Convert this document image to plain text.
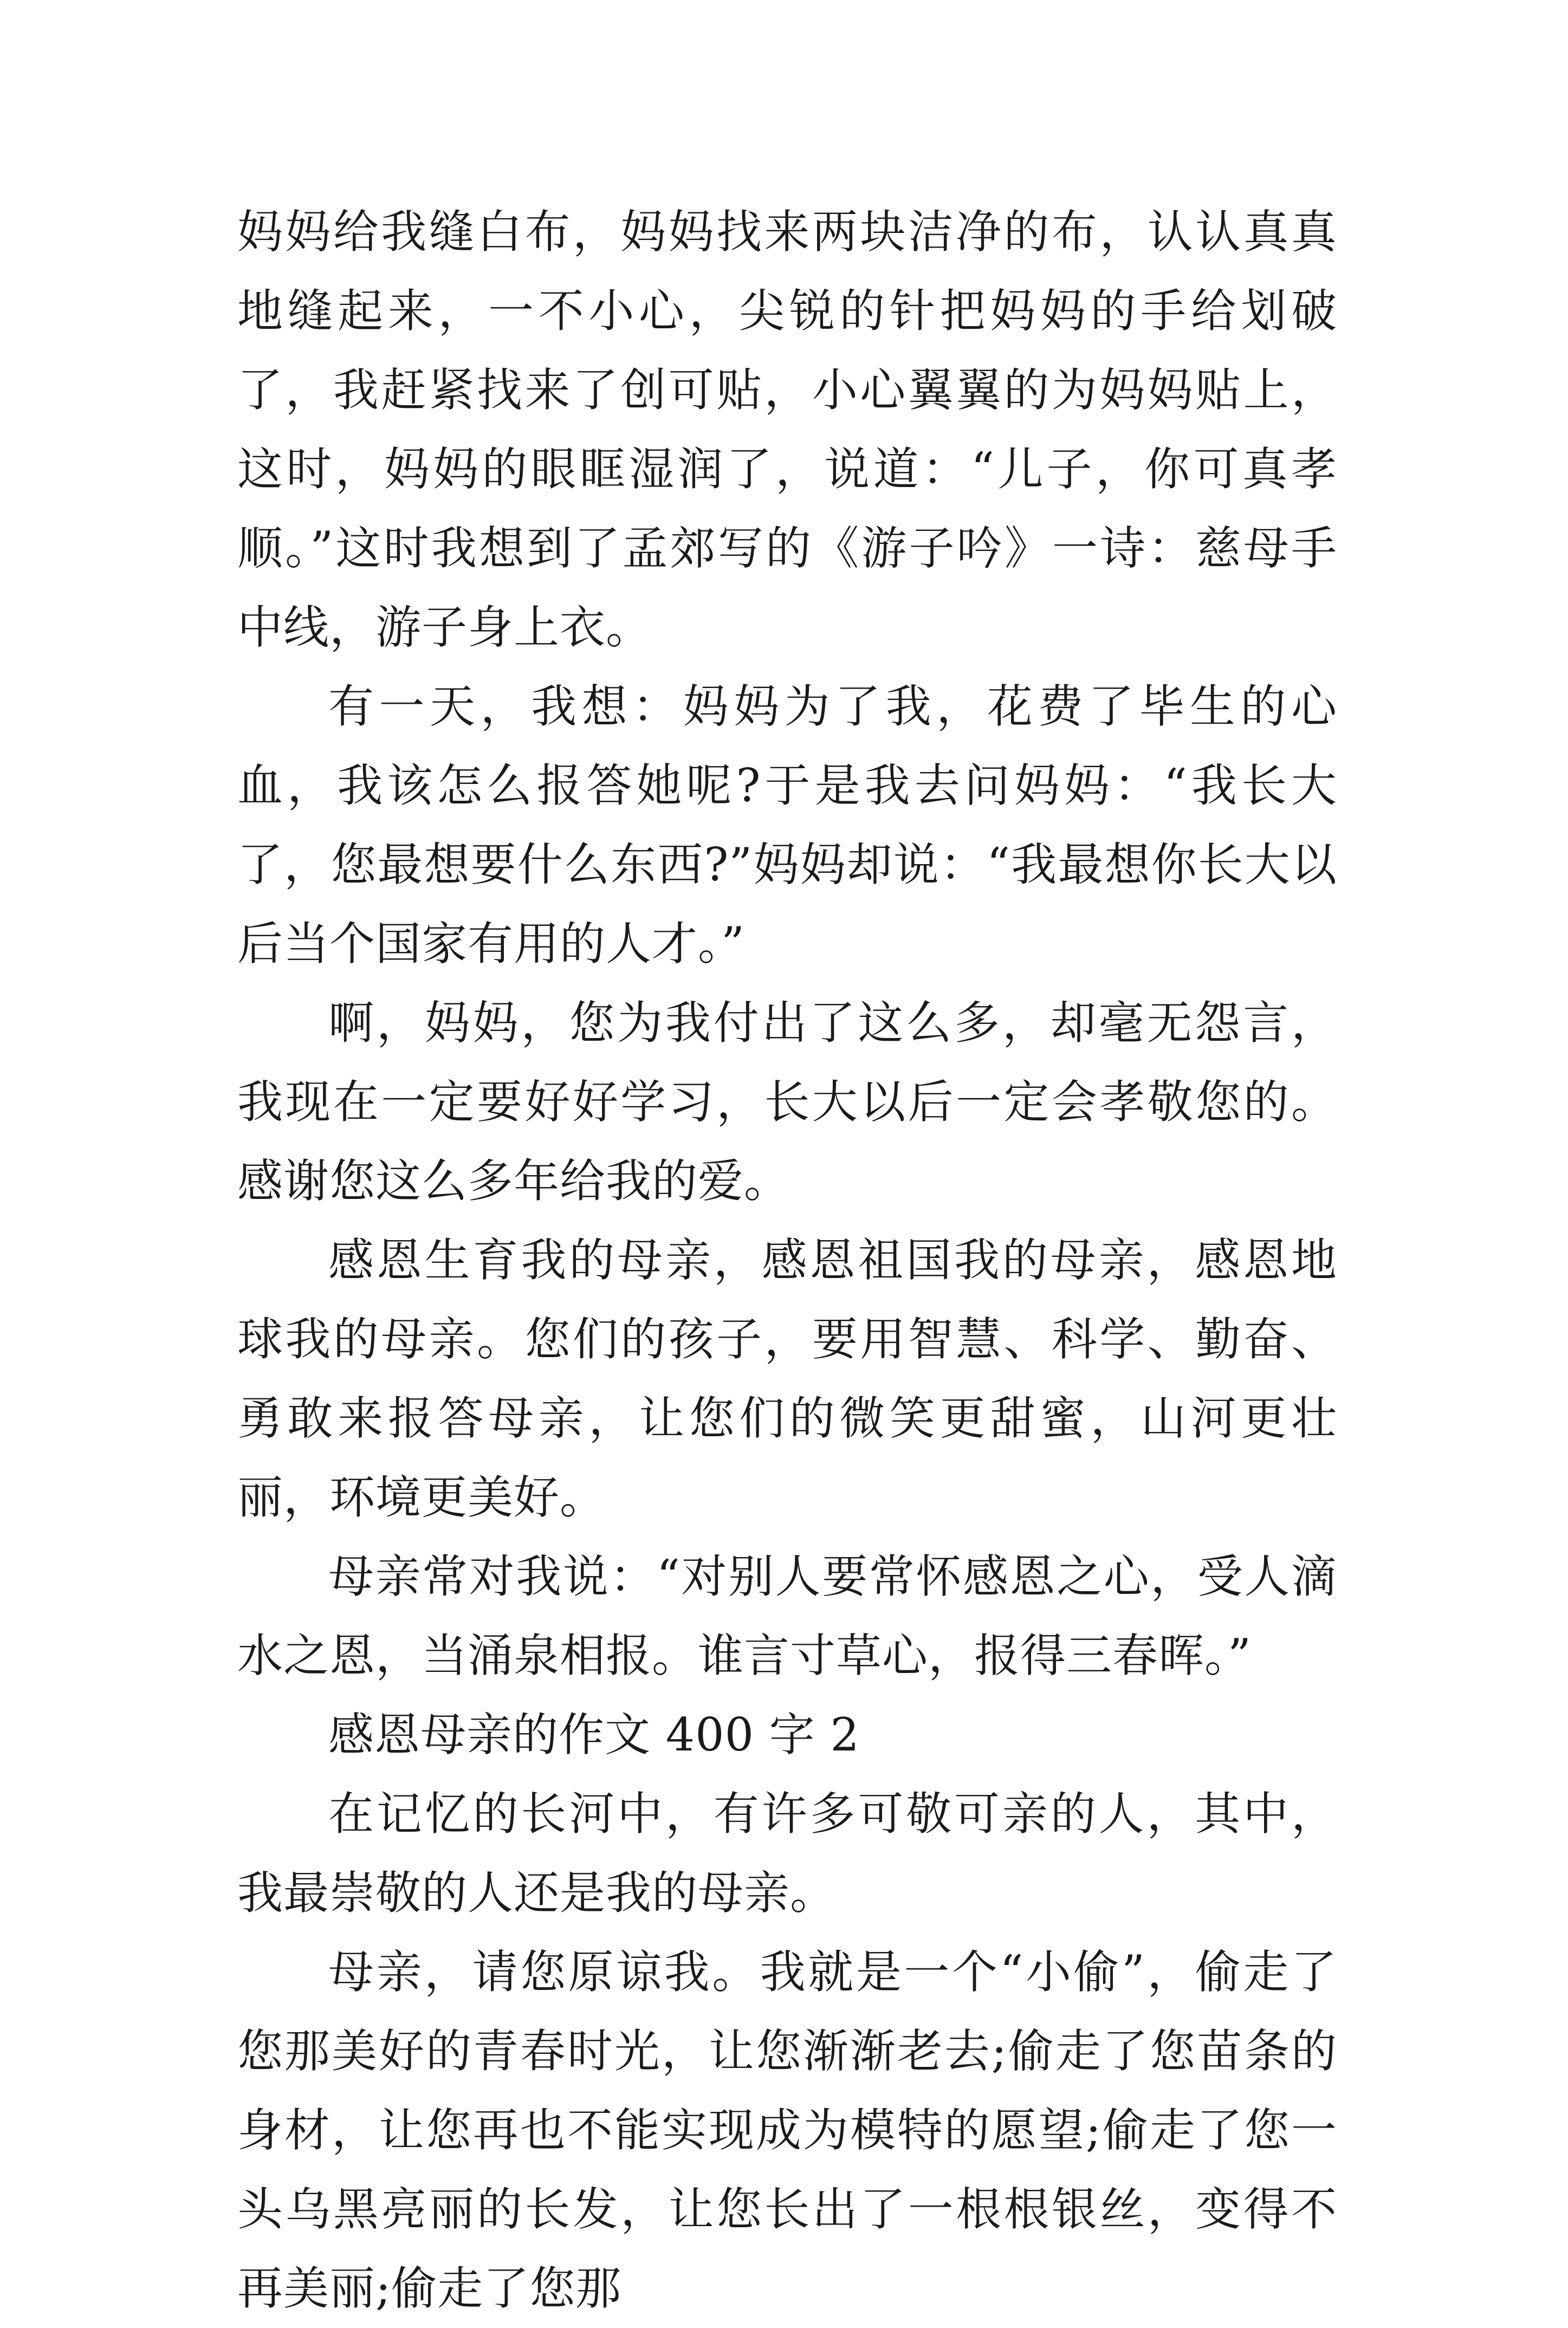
妈妈给我缝白布，妈妈找来两块洁净的布，认认真真地缝起来，一不小心，尖锐的针把妈妈的手给划破了，我赶紧找来了创可贴，小心翼翼的为妈妈贴上，这时，妈妈的眼眶湿润了，说道：“儿子，你可真孝顺。”这时我想到了孟郊写的《游子吟》一诗：慈母手中线，游子身上衣。

有一天，我想：妈妈为了我，花费了毕生的心血，我该怎么报答她呢?于是我去问妈妈：“我长大了，您最想要什么东西?”妈妈却说：“我最想你长大以后当个国家有用的人才。”

啊，妈妈，您为我付出了这么多，却毫无怨言，我现在一定要好好学习，长大以后一定会孝敬您的。感谢您这么多年给我的爱。

感恩生育我的母亲，感恩祖国我的母亲，感恩地球我的母亲。您们的孩子，要用智慧、科学、勤奋、勇敢来报答母亲，让您们的微笑更甜蜜，山河更壮丽，环境更美好。

母亲常对我说：“对别人要常怀感恩之心，受人滴水之恩，当涌泉相报。谁言寸草心，报得三春晖。”

感恩母亲的作文 400 字 2

在记忆的长河中，有许多可敬可亲的人，其中，我最崇敬的人还是我的母亲。

母亲，请您原谅我。我就是一个“小偷”，偷走了您那美好的青春时光，让您渐渐老去;偷走了您苗条的身材，让您再也不能实现成为模特的愿望;偷走了您一头乌黑亮丽的长发，让您长出了一根根银丝，变得不再美丽;偷走了您那
